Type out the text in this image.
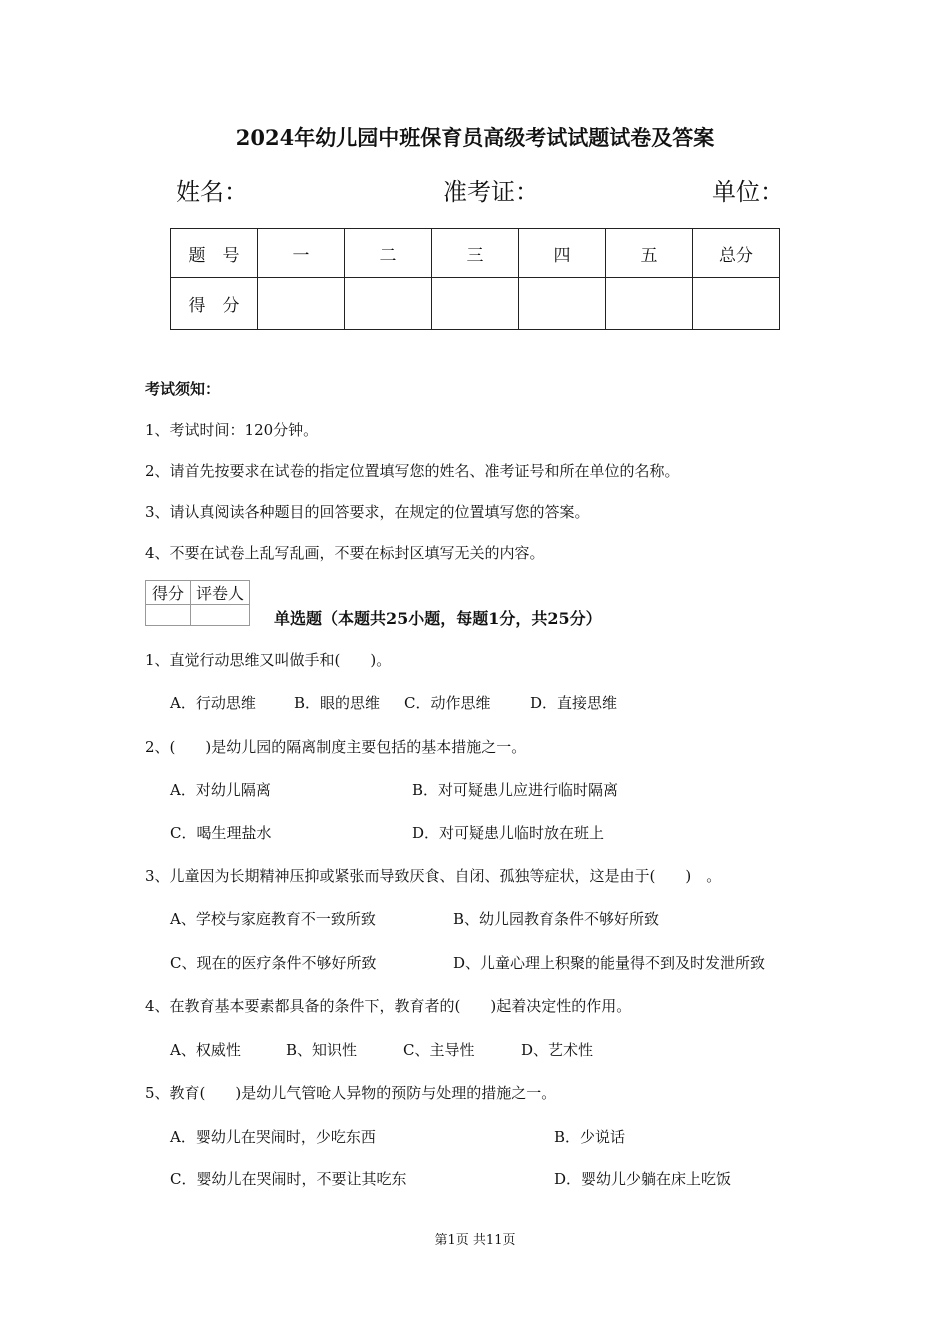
2024年幼儿园中班保育员高级考试试题试卷及答案
姓名：	准考证：	单位：
题　号	一	二	三	四	五	总分
得　分						
考试须知：
1、考试时间：120分钟。
2、请首先按要求在试卷的指定位置填写您的姓名、准考证号和所在单位的名称。
3、请认真阅读各种题目的回答要求，在规定的位置填写您的答案。
4、不要在试卷上乱写乱画，不要在标封区填写无关的内容。
得分	评卷人

单选题（本题共25小题，每题1分，共25分）
1、直觉行动思维又叫做手和(　　)。
A．行动思维	B．眼的思维 C．动作思维	D．直接思维
2、(　　)是幼儿园的隔离制度主要包括的基本措施之一。
A．对幼儿隔离	B．对可疑患儿应进行临时隔离
C．喝生理盐水	D．对可疑患儿临时放在班上
3、儿童因为长期精神压抑或紧张而导致厌食、自闭、孤独等症状，这是由于(　　)　。
A、学校与家庭教育不一致所致	B、幼儿园教育条件不够好所致
C、现在的医疗条件不够好所致	D、儿童心理上积聚的能量得不到及时发泄所致
4、在教育基本要素都具备的条件下，教育者的(　　)起着决定性的作用。
A、权威性	B、知识性	C、主导性	D、艺术性
5、教育(　　)是幼儿气管呛人异物的预防与处理的措施之一。
A．婴幼儿在哭闹时，少吃东西	B．少说话
C．婴幼儿在哭闹时，不要让其吃东	D．婴幼儿少躺在床上吃饭
第1页 共11页
